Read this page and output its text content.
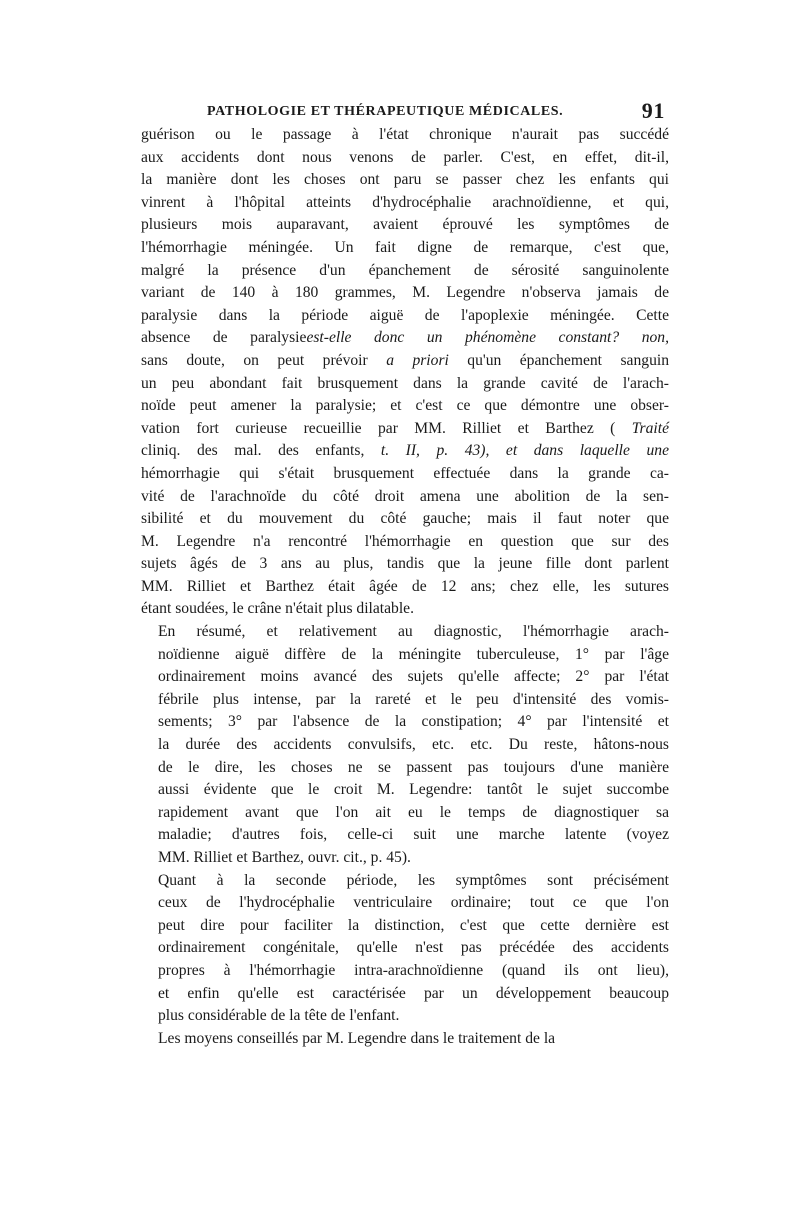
PATHOLOGIE ET THÉRAPEUTIQUE MÉDICALES.	91
guérison ou le passage à l'état chronique n'aurait pas succédé
aux accidents dont nous venons de parler. C'est, en effet, dit-il,
la manière dont les choses ont paru se passer chez les enfants qui
vinrent à l'hôpital atteints d'hydrocéphalie arachnoïdienne, et qui,
plusieurs mois auparavant, avaient éprouvé les symptômes de
l'hémorrhagie méningée. Un fait digne de remarque, c'est que,
malgré la présence d'un épanchement de sérosité sanguinolente
variant de 140 à 180 grammes, M. Legendre n'observa jamais de
paralysie dans la période aiguë de l'apoplexie méningée. Cette
absence de paralysieest-elle donc un phénomène constant? non,
sans doute, on peut prévoir a priori qu'un épanchement sanguin
un peu abondant fait brusquement dans la grande cavité de l'arach-
noïde peut amener la paralysie; et c'est ce que démontre une obser-
vation fort curieuse recueillie par MM. Rilliet et Barthez ( Traité
cliniq. des mal. des enfants, t. II, p. 43), et dans laquelle une
hémorrhagie qui s'était brusquement effectuée dans la grande ca-
vité de l'arachnoïde du côté droit amena une abolition de la sen-
sibilité et du mouvement du côté gauche; mais il faut noter que
M. Legendre n'a rencontré l'hémorrhagie en question que sur des
sujets âgés de 3 ans au plus, tandis que la jeune fille dont parlent
MM. Rilliet et Barthez était âgée de 12 ans; chez elle, les sutures
étant soudées, le crâne n'était plus dilatable.
En résumé, et relativement au diagnostic, l'hémorrhagie arach-
noïdienne aiguë diffère de la méningite tuberculeuse, 1° par l'âge
ordinairement moins avancé des sujets qu'elle affecte; 2° par l'état
fébrile plus intense, par la rareté et le peu d'intensité des vomis-
sements; 3° par l'absence de la constipation; 4° par l'intensité et
la durée des accidents convulsifs, etc. etc. Du reste, hâtons-nous
de le dire, les choses ne se passent pas toujours d'une manière
aussi évidente que le croit M. Legendre: tantôt le sujet succombe
rapidement avant que l'on ait eu le temps de diagnostiquer sa
maladie; d'autres fois, celle-ci suit une marche latente (voyez
MM. Rilliet et Barthez, ouvr. cit., p. 45).
Quant à la seconde période, les symptômes sont précisément
ceux de l'hydrocéphalie ventriculaire ordinaire; tout ce que l'on
peut dire pour faciliter la distinction, c'est que cette dernière est
ordinairement congénitale, qu'elle n'est pas précédée des accidents
propres à l'hémorrhagie intra-arachnoïdienne (quand ils ont lieu),
et enfin qu'elle est caractérisée par un développement beaucoup
plus considérable de la tête de l'enfant.
Les moyens conseillés par M. Legendre dans le traitement de la
